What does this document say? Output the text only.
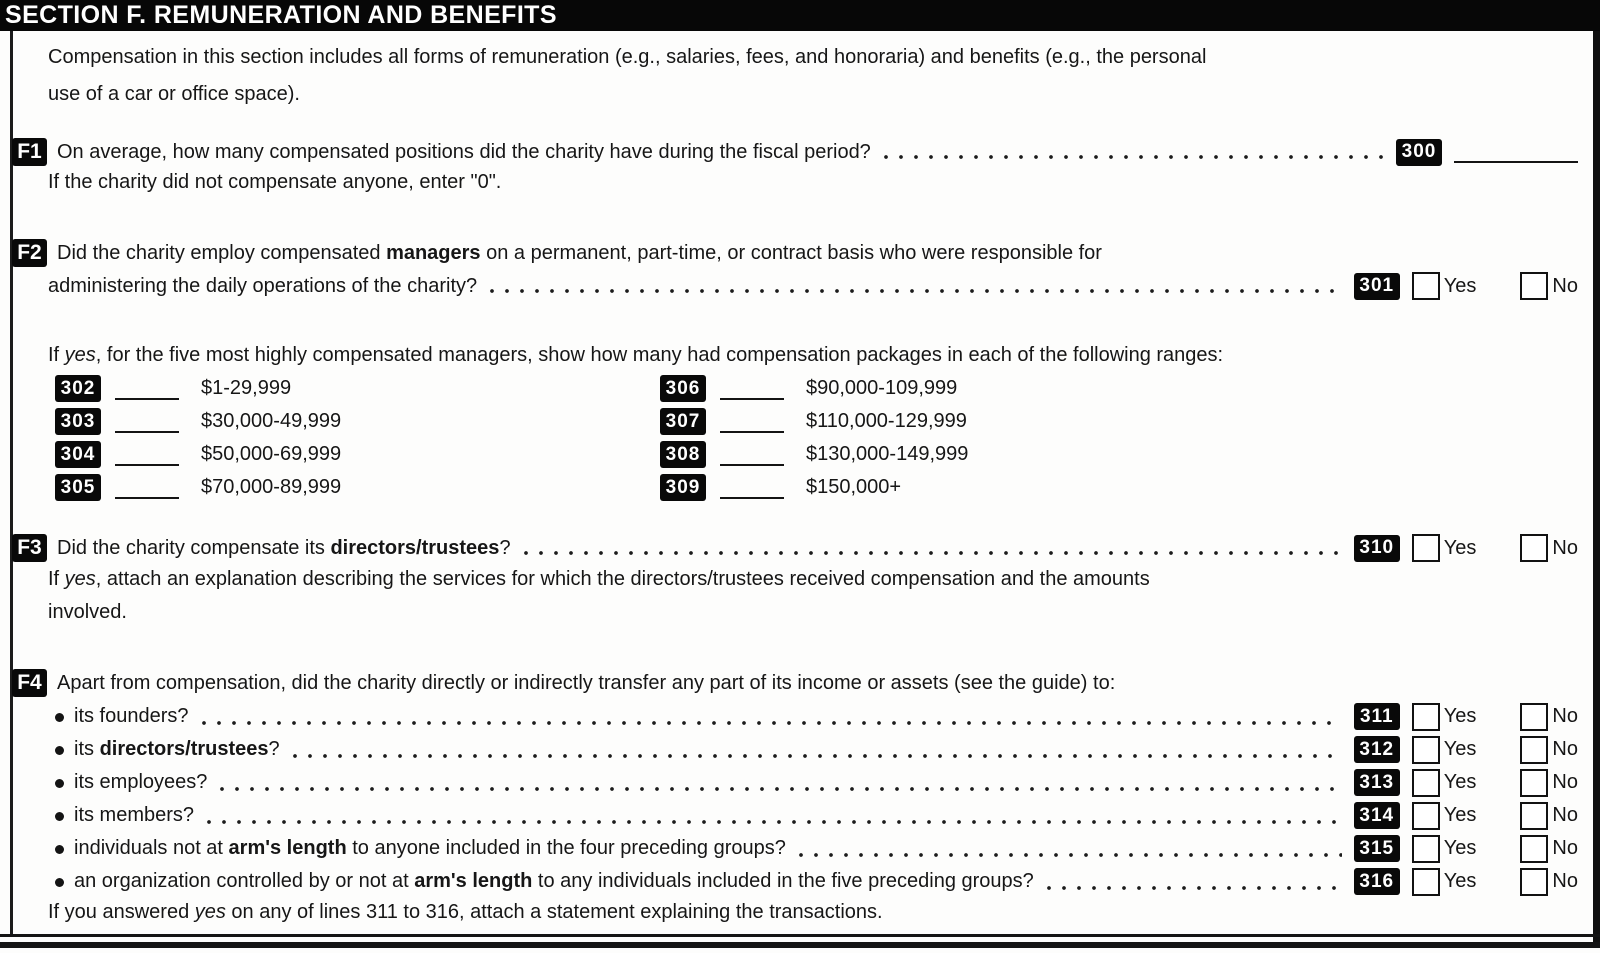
SECTION F. REMUNERATION AND BENEFITS
Compensation in this section includes all forms of remuneration (e.g., salaries, fees, and honoraria) and benefits (e.g., the personal
use of a car or office space).
F1 On average, how many compensated positions did the charity have during the fiscal period?	300
If the charity did not compensate anyone, enter "0".
F2 Did the charity employ compensated managers on a permanent, part-time, or contract basis who were responsible for
administering the daily operations of the charity?	301 Yes	No
If yes, for the five most highly compensated managers, show how many had compensation packages in each of the following ranges:
302	$1-29,999
303	$30,000-49,999
304	$50,000-69,999
305	$70,000-89,999
306	$90,000-109,999
307	$110,000-129,999
308	$130,000-149,999
309	$150,000+
F3 Did the charity compensate its directors/trustees?	310 Yes	No
If yes, attach an explanation describing the services for which the directors/trustees received compensation and the amounts
involved.
F4 Apart from compensation, did the charity directly or indirectly transfer any part of its income or assets (see the guide) to:
its founders?	311	Yes	No
its directors/trustees?	312 Yes	No
its employees?	313 Yes	No
its members?	314 Yes	No
individuals not at arm's length to anyone included in the four preceding groups?	315 Yes	No
an organization controlled by or not at arm's length to any individuals included in the five preceding groups?	316 Yes	No
If you answered yes on any of lines 311 to 316, attach a statement explaining the transactions.
